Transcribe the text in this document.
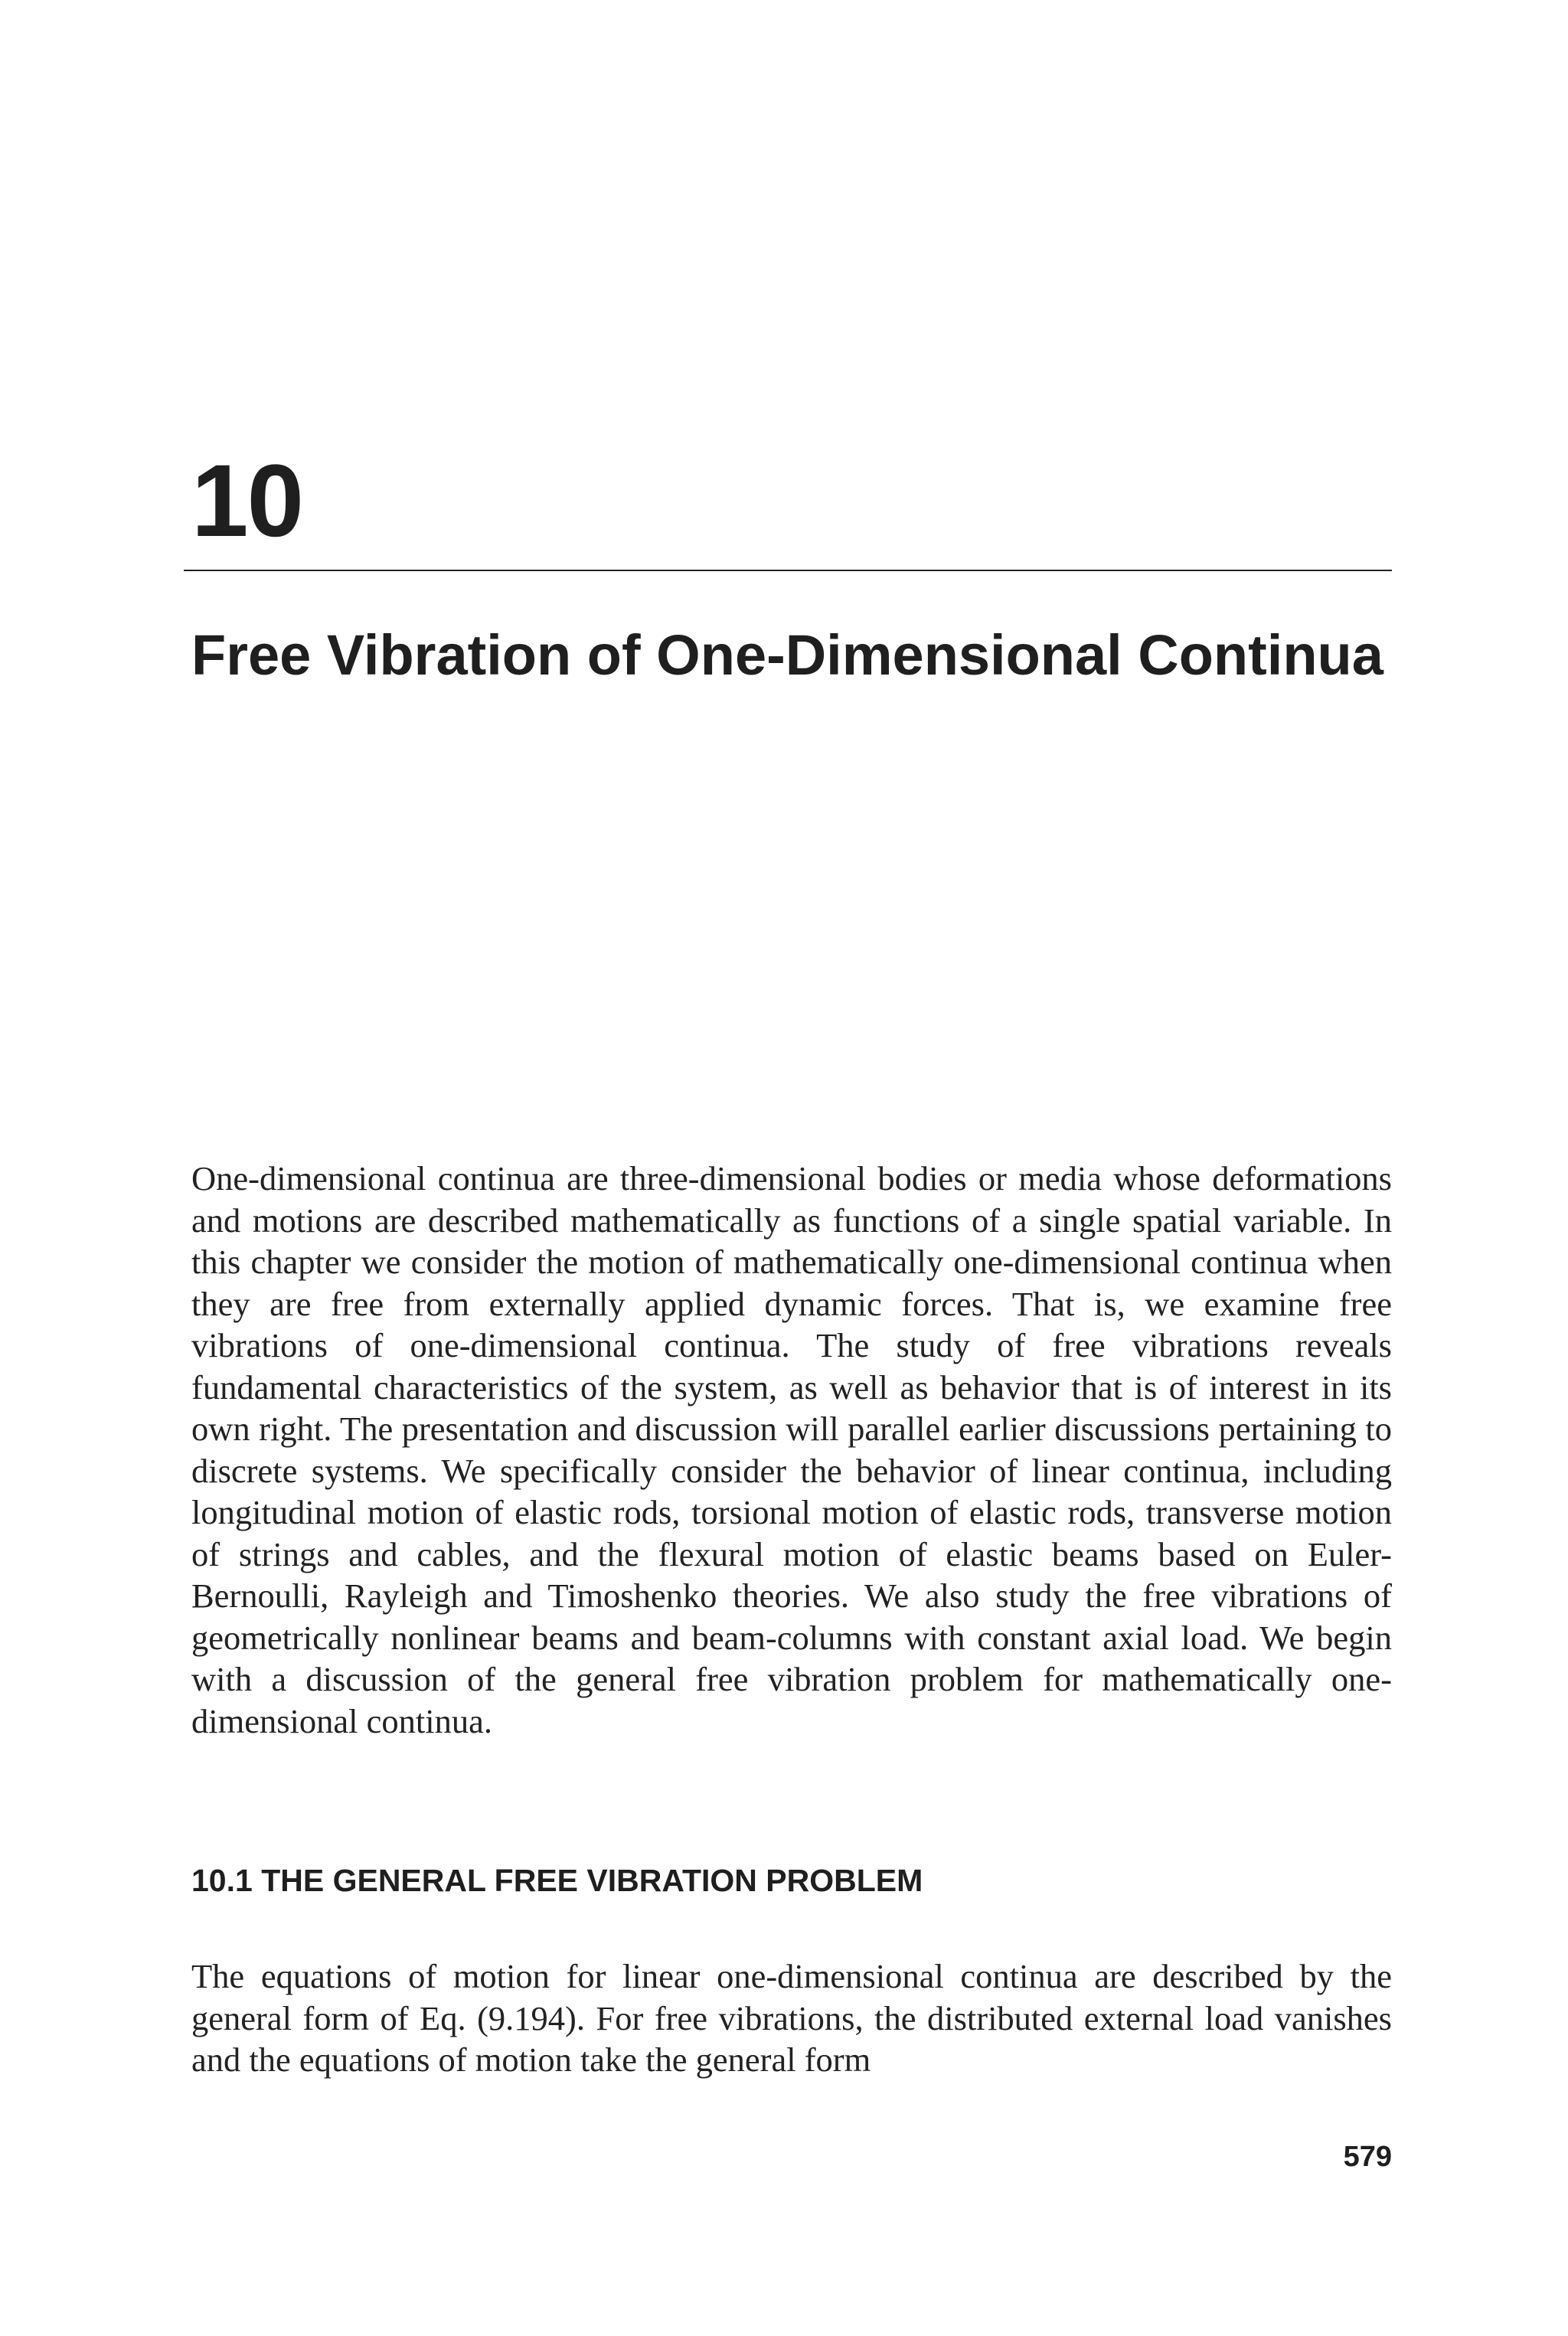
10
Free Vibration of One-Dimensional Continua

One-dimensional continua are three-dimensional bodies or media whose deformations and motions are described mathematically as functions of a single spatial variable. In this chapter we consider the motion of mathematically one-dimensional continua when they are free from externally applied dynamic forces. That is, we examine free vibrations of one-dimensional continua. The study of free vibrations reveals fundamental characteristics of the system, as well as behavior that is of interest in its own right. The presentation and discussion will parallel earlier discussions pertaining to discrete systems. We specifically consider the behavior of linear continua, including longitudinal motion of elastic rods, torsional motion of elastic rods, transverse motion of strings and cables, and the flexural motion of elastic beams based on Euler-Bernoulli, Rayleigh and Timoshenko theories. We also study the free vibrations of geometrically nonlinear beams and beam-columns with constant axial load. We begin with a discussion of the general free vibration problem for mathematically one-dimensional continua.

10.1 THE GENERAL FREE VIBRATION PROBLEM

The equations of motion for linear one-dimensional continua are described by the general form of Eq. (9.194). For free vibrations, the distributed external load vanishes and the equations of motion take the general form

579
